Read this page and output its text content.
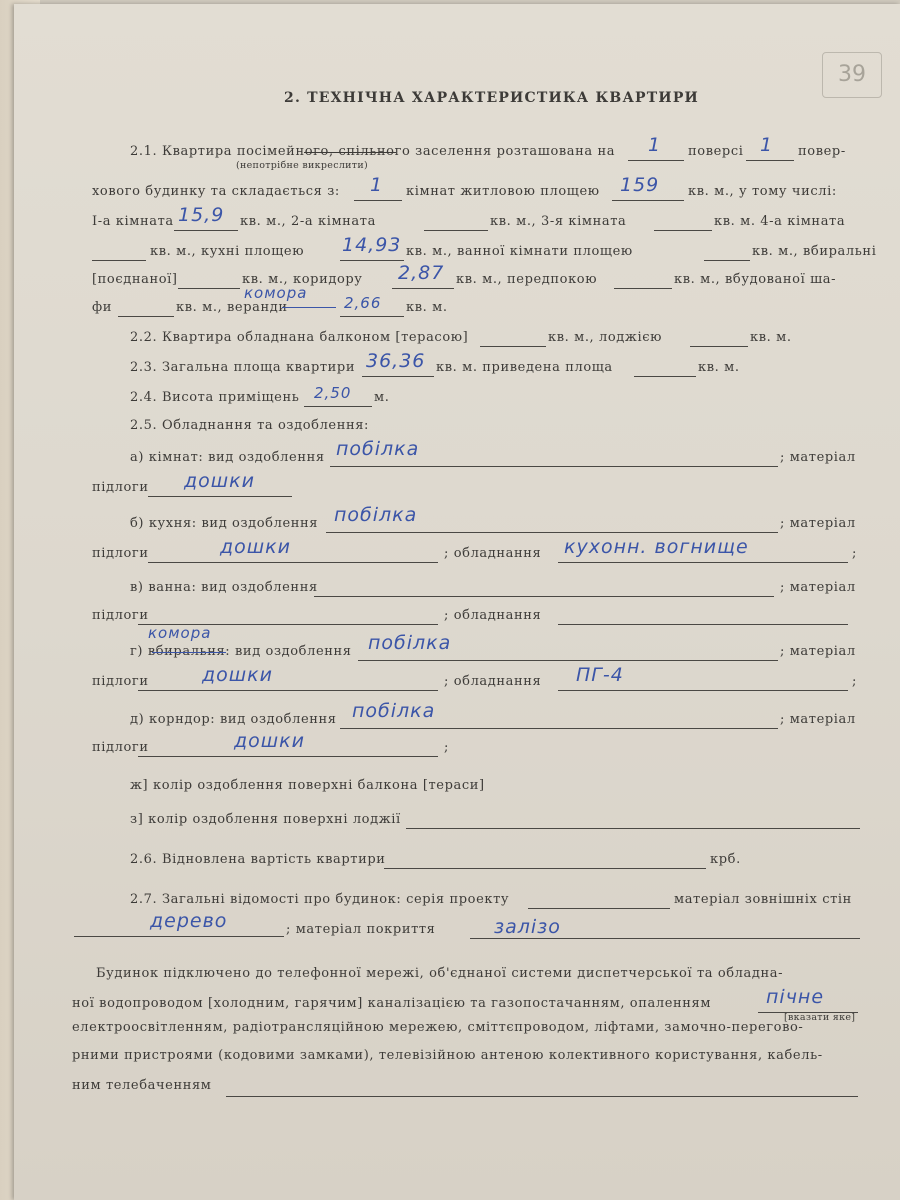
39
2. ТЕХНІЧНА ХАРАКТЕРИСТИКА КВАРТИРИ
2.1. Квартира посімейного, спільного заселення розташована на 1 поверсі 1 повер-
(непотрібне викреслити)
хового будинку та складається з: 1 кімнат житловою площею 159 кв. м., у тому числі:
І-а кімната 15,9 кв. м., 2-а кімната	кв. м., 3-я кімната	кв. м. 4-а кімната
кв. м., кухні площею 14,93 кв. м., ванної кімнати площею	кв. м., вбиральні
[поєднаної]	кв. м., коридору 2,87 кв. м., передпокою	кв. м., вбудованої ша-
фи	кв. м., веранди
комора
2,66 кв. м.
2.2. Квартира обладнана балконом [терасою]	кв. м., лоджією	кв. м.
2.3. Загальна площа квартири 36,36 кв. м. приведена площа	кв. м.
2.4. Висота приміщень 2,50 м.
2.5. Обладнання та оздоблення:
а) кімнат: вид оздоблення побілка	; матеріал
підлоги дошки
б) кухня: вид оздоблення побілка	; матеріал
підлоги	дошки	; обладнання кухонн. вогнище	;
в) ванна: вид оздоблення	; матеріал
підлоги	; обладнання
г) вбиральня: вид оздоблення
комора	побілка	; матеріал
підлоги	дошки	; обладнання ПГ-4	;
д) корндор: вид оздоблення побілка	; матеріал
підлоги	дошки	;
ж] колір оздоблення поверхні балкона [тераси]
з] колір оздоблення поверхні лоджії
2.6. Відновлена вартість квартири	крб.
2.7. Загальні відомості про будинок: серія проекту	матеріал зовнішніх стін
дерево	; матеріал покриття	залізо
Будинок підключено до телефонної мережі, об'єднаної системи диспетчерської та обладна-
ної водопроводом [холодним, гарячим] каналізацією та газопостачанням, опаленням	пічне
[вказати яке]
електроосвітленням, радіотрансляційною мережею, сміттєпроводом, ліфтами, замочно-перегово-
рними пристроями (кодовими замками), телевізійною антеною колективного користування, кабель-
ним телебаченням
